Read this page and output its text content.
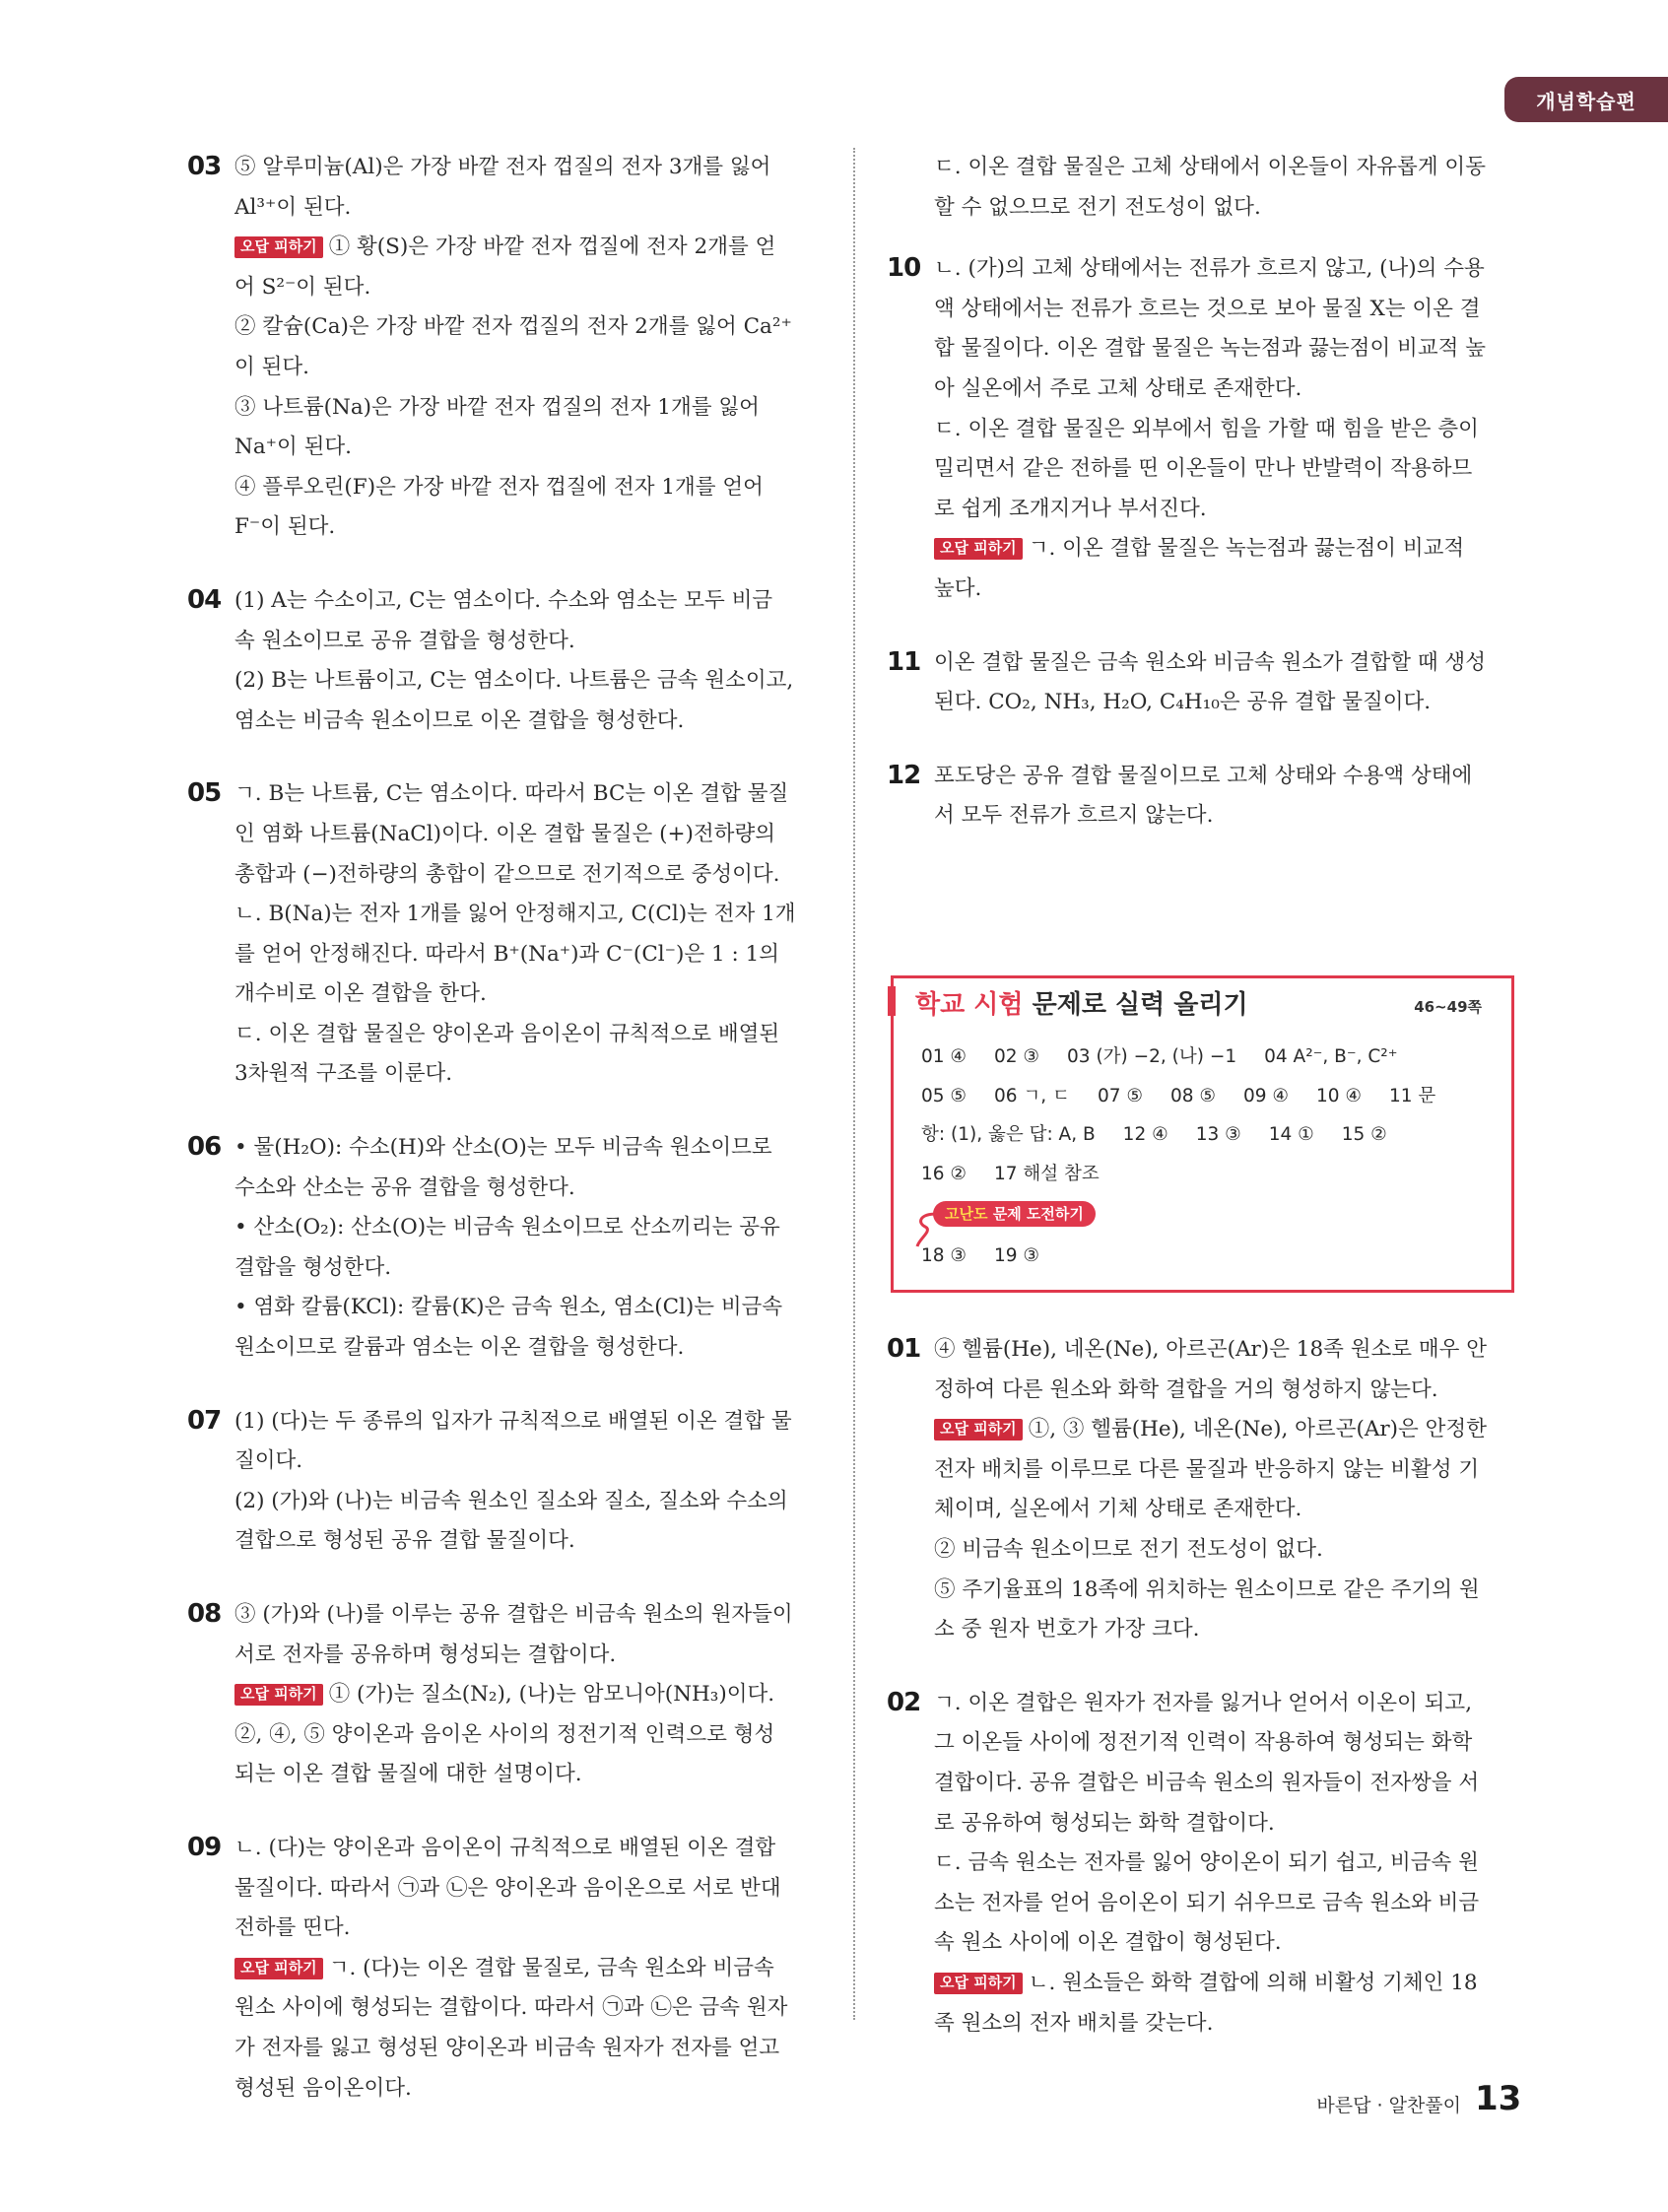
개념학습편
03 ⑤ 알루미늄(Al)은 가장 바깥 전자 껍질의 전자 3개를 잃어
Al³⁺이 된다.
오답 피하기 ① 황(S)은 가장 바깥 전자 껍질에 전자 2개를 얻
어 S²⁻이 된다.
② 칼슘(Ca)은 가장 바깥 전자 껍질의 전자 2개를 잃어 Ca²⁺
이 된다.
③ 나트륨(Na)은 가장 바깥 전자 껍질의 전자 1개를 잃어
Na⁺이 된다.
④ 플루오린(F)은 가장 바깥 전자 껍질에 전자 1개를 얻어
F⁻이 된다.
04 (1) A는 수소이고, C는 염소이다. 수소와 염소는 모두 비금
속 원소이므로 공유 결합을 형성한다.
(2) B는 나트륨이고, C는 염소이다. 나트륨은 금속 원소이고,
염소는 비금속 원소이므로 이온 결합을 형성한다.
05 ㄱ. B는 나트륨, C는 염소이다. 따라서 BC는 이온 결합 물질
인 염화 나트륨(NaCl)이다. 이온 결합 물질은 (+)전하량의
총합과 (−)전하량의 총합이 같으므로 전기적으로 중성이다.
ㄴ. B(Na)는 전자 1개를 잃어 안정해지고, C(Cl)는 전자 1개
를 얻어 안정해진다. 따라서 B⁺(Na⁺)과 C⁻(Cl⁻)은 1 : 1의
개수비로 이온 결합을 한다.
ㄷ. 이온 결합 물질은 양이온과 음이온이 규칙적으로 배열된
3차원적 구조를 이룬다.
06 • 물(H₂O): 수소(H)와 산소(O)는 모두 비금속 원소이므로
수소와 산소는 공유 결합을 형성한다.
• 산소(O₂): 산소(O)는 비금속 원소이므로 산소끼리는 공유
결합을 형성한다.
• 염화 칼륨(KCl): 칼륨(K)은 금속 원소, 염소(Cl)는 비금속
원소이므로 칼륨과 염소는 이온 결합을 형성한다.
07 (1) (다)는 두 종류의 입자가 규칙적으로 배열된 이온 결합 물
질이다.
(2) (가)와 (나)는 비금속 원소인 질소와 질소, 질소와 수소의
결합으로 형성된 공유 결합 물질이다.
08 ③ (가)와 (나)를 이루는 공유 결합은 비금속 원소의 원자들이
서로 전자를 공유하며 형성되는 결합이다.
오답 피하기 ① (가)는 질소(N₂), (나)는 암모니아(NH₃)이다.
②, ④, ⑤ 양이온과 음이온 사이의 정전기적 인력으로 형성
되는 이온 결합 물질에 대한 설명이다.
09 ㄴ. (다)는 양이온과 음이온이 규칙적으로 배열된 이온 결합
물질이다. 따라서 ㉠과 ㉡은 양이온과 음이온으로 서로 반대
전하를 띤다.
오답 피하기 ㄱ. (다)는 이온 결합 물질로, 금속 원소와 비금속
원소 사이에 형성되는 결합이다. 따라서 ㉠과 ㉡은 금속 원자
가 전자를 잃고 형성된 양이온과 비금속 원자가 전자를 얻고
형성된 음이온이다.
ㄷ. 이온 결합 물질은 고체 상태에서 이온들이 자유롭게 이동
할 수 없으므로 전기 전도성이 없다.
10 ㄴ. (가)의 고체 상태에서는 전류가 흐르지 않고, (나)의 수용
액 상태에서는 전류가 흐르는 것으로 보아 물질 X는 이온 결
합 물질이다. 이온 결합 물질은 녹는점과 끓는점이 비교적 높
아 실온에서 주로 고체 상태로 존재한다.
ㄷ. 이온 결합 물질은 외부에서 힘을 가할 때 힘을 받은 층이
밀리면서 같은 전하를 띤 이온들이 만나 반발력이 작용하므
로 쉽게 조개지거나 부서진다.
오답 피하기 ㄱ. 이온 결합 물질은 녹는점과 끓는점이 비교적
높다.
11 이온 결합 물질은 금속 원소와 비금속 원소가 결합할 때 생성
된다. CO₂, NH₃, H₂O, C₄H₁₀은 공유 결합 물질이다.
12 포도당은 공유 결합 물질이므로 고체 상태와 수용액 상태에
서 모두 전류가 흐르지 않는다.
학교 시험 문제로 실력 올리기	46~49쪽
01 ④ 02 ③ 03 (가) −2, (나) −1 04 A²⁻, B⁻, C²⁺
05 ⑤ 06 ㄱ, ㄷ 07 ⑤ 08 ⑤ 09 ④ 10 ④ 11 문
항: (1), 옳은 답: A, B 12 ④ 13 ③ 14 ① 15 ②
16 ② 17 해설 참조
고난도 문제 도전하기
18 ③ 19 ③
01 ④ 헬륨(He), 네온(Ne), 아르곤(Ar)은 18족 원소로 매우 안
정하여 다른 원소와 화학 결합을 거의 형성하지 않는다.
오답 피하기 ①, ③ 헬륨(He), 네온(Ne), 아르곤(Ar)은 안정한
전자 배치를 이루므로 다른 물질과 반응하지 않는 비활성 기
체이며, 실온에서 기체 상태로 존재한다.
② 비금속 원소이므로 전기 전도성이 없다.
⑤ 주기율표의 18족에 위치하는 원소이므로 같은 주기의 원
소 중 원자 번호가 가장 크다.
02 ㄱ. 이온 결합은 원자가 전자를 잃거나 얻어서 이온이 되고,
그 이온들 사이에 정전기적 인력이 작용하여 형성되는 화학
결합이다. 공유 결합은 비금속 원소의 원자들이 전자쌍을 서
로 공유하여 형성되는 화학 결합이다.
ㄷ. 금속 원소는 전자를 잃어 양이온이 되기 쉽고, 비금속 원
소는 전자를 얻어 음이온이 되기 쉬우므로 금속 원소와 비금
속 원소 사이에 이온 결합이 형성된다.
오답 피하기 ㄴ. 원소들은 화학 결합에 의해 비활성 기체인 18
족 원소의 전자 배치를 갖는다.
바른답 · 알찬풀이 13
